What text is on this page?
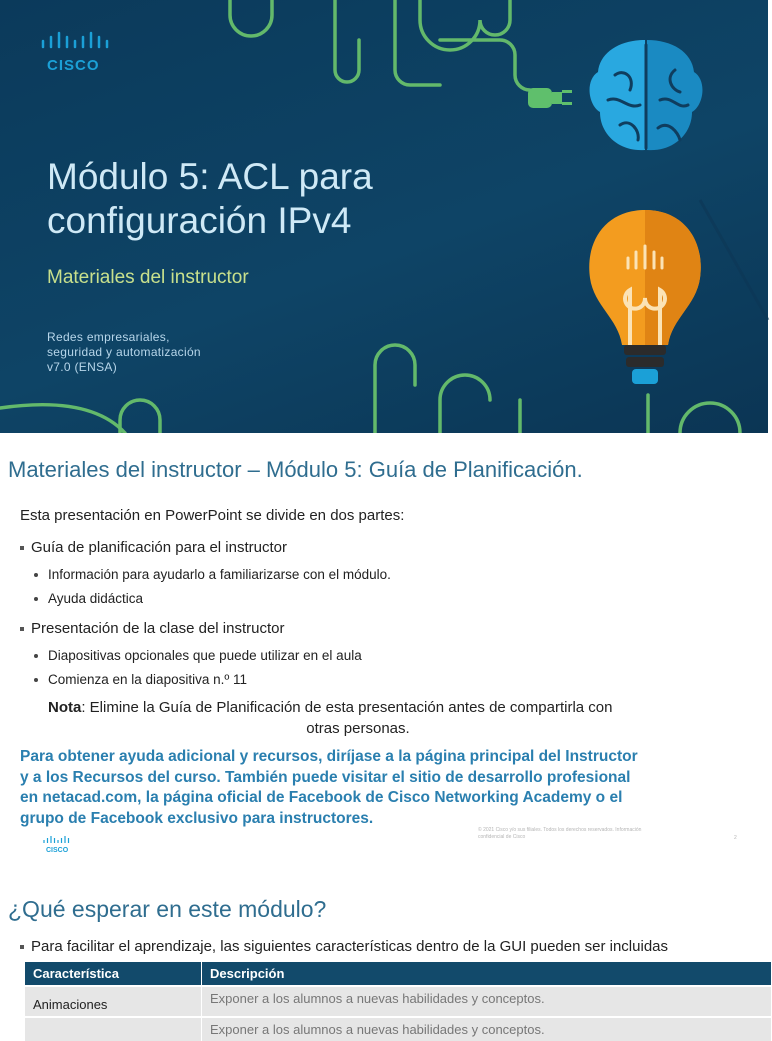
CISCO
Módulo 5: ACL para configuración IPv4
Materiales del instructor
Redes empresariales,
seguridad y automatización
v7.0 (ENSA)
Materiales del instructor – Módulo 5: Guía de Planificación.
Esta presentación en PowerPoint se divide en dos partes:
Guía de planificación para el instructor
Información para ayudarlo a familiarizarse con el módulo.
Ayuda didáctica
Presentación de la clase del instructor
Diapositivas opcionales que puede utilizar en el aula
Comienza en la diapositiva n.º 11
Nota: Elimine la Guía de Planificación de esta presentación antes de compartirla con
otras personas.
Para obtener ayuda adicional y recursos, diríjase a la página principal del Instructor
y a los Recursos del curso. También puede visitar el sitio de desarrollo profesional
en netacad.com, la página oficial de Facebook de Cisco Networking Academy o el
grupo de Facebook exclusivo para instructores.
CISCO
© 2021 Cisco y/o sus filiales. Todos los derechos reservados. Información
confidencial de Cisco	2
¿Qué esperar en este módulo?
Para facilitar el aprendizaje, las siguientes características dentro de la GUI pueden ser incluidas
Característica	Descripción
Animaciones	Exponer a los alumnos a nuevas habilidades y conceptos.
	Exponer a los alumnos a nuevas habilidades y conceptos.
